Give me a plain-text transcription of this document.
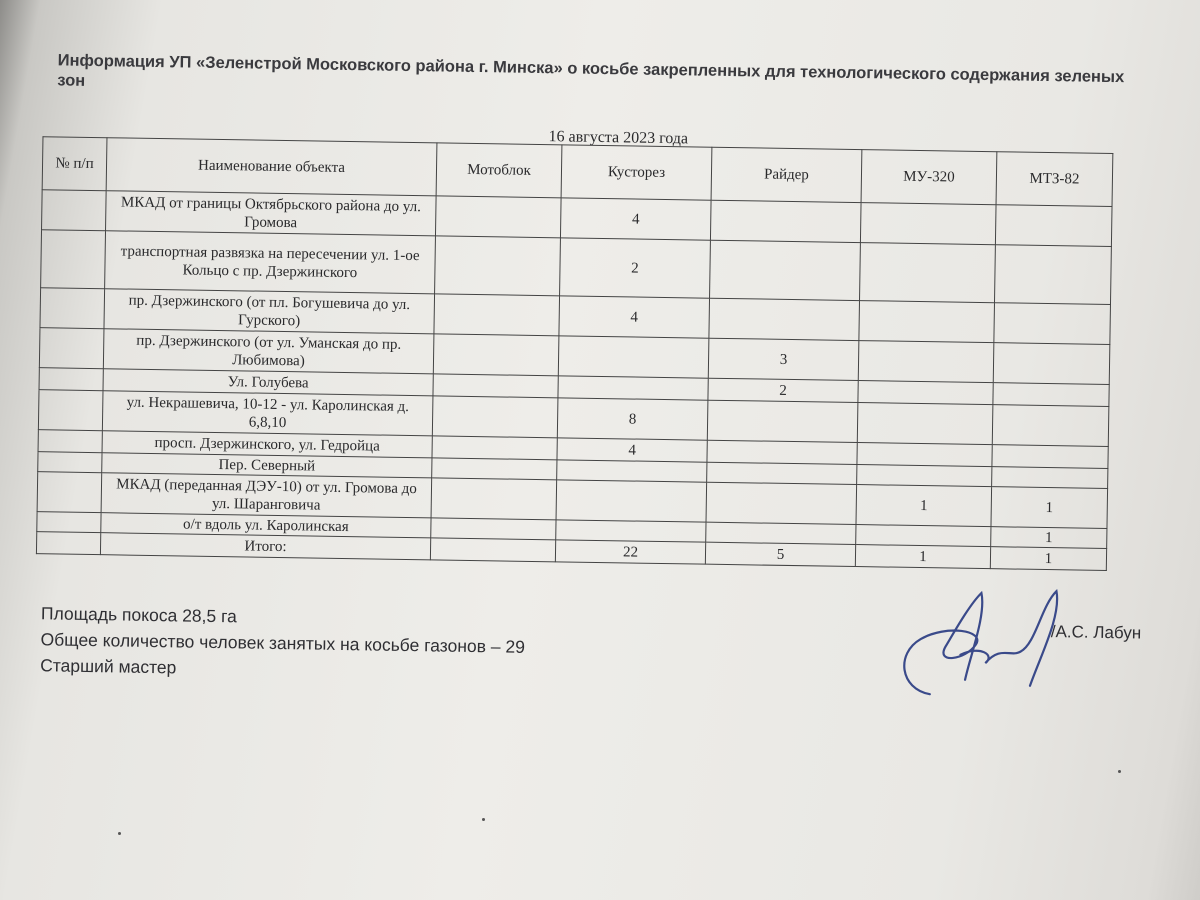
Информация УП «Зеленстрой Московского района г. Минска» о косьбе закрепленных для технологического содержания зеленых зон
16 августа 2023 года
№ п/п	Наименование объекта	Мотоблок	Кусторез	Райдер	МУ-320	МТЗ-82
	МКАД от границы Октябрьского района до ул. Громова		4			
	транспортная развязка на пересечении ул. 1-ое Кольцо с пр. Дзержинского		2			
	пр. Дзержинского (от пл. Богушевича до ул. Гурского)		4			
	пр. Дзержинского (от ул. Уманская до пр. Любимова)			3		
	Ул. Голубева			2		
	ул. Некрашевича, 10-12 - ул. Каролинская д. 6,8,10		8			
	просп. Дзержинского, ул. Гедройца		4			
	Пер. Северный					
	МКАД (переданная ДЭУ-10) от ул. Громова до ул. Шаранговича				1	1
	о/т вдоль ул. Каролинская					1
	Итого:		22	5	1	1
Площадь покоса 28,5 га
Общее количество человек занятых на косьбе газонов – 29
Старший мастер
/А.С. Лабун
